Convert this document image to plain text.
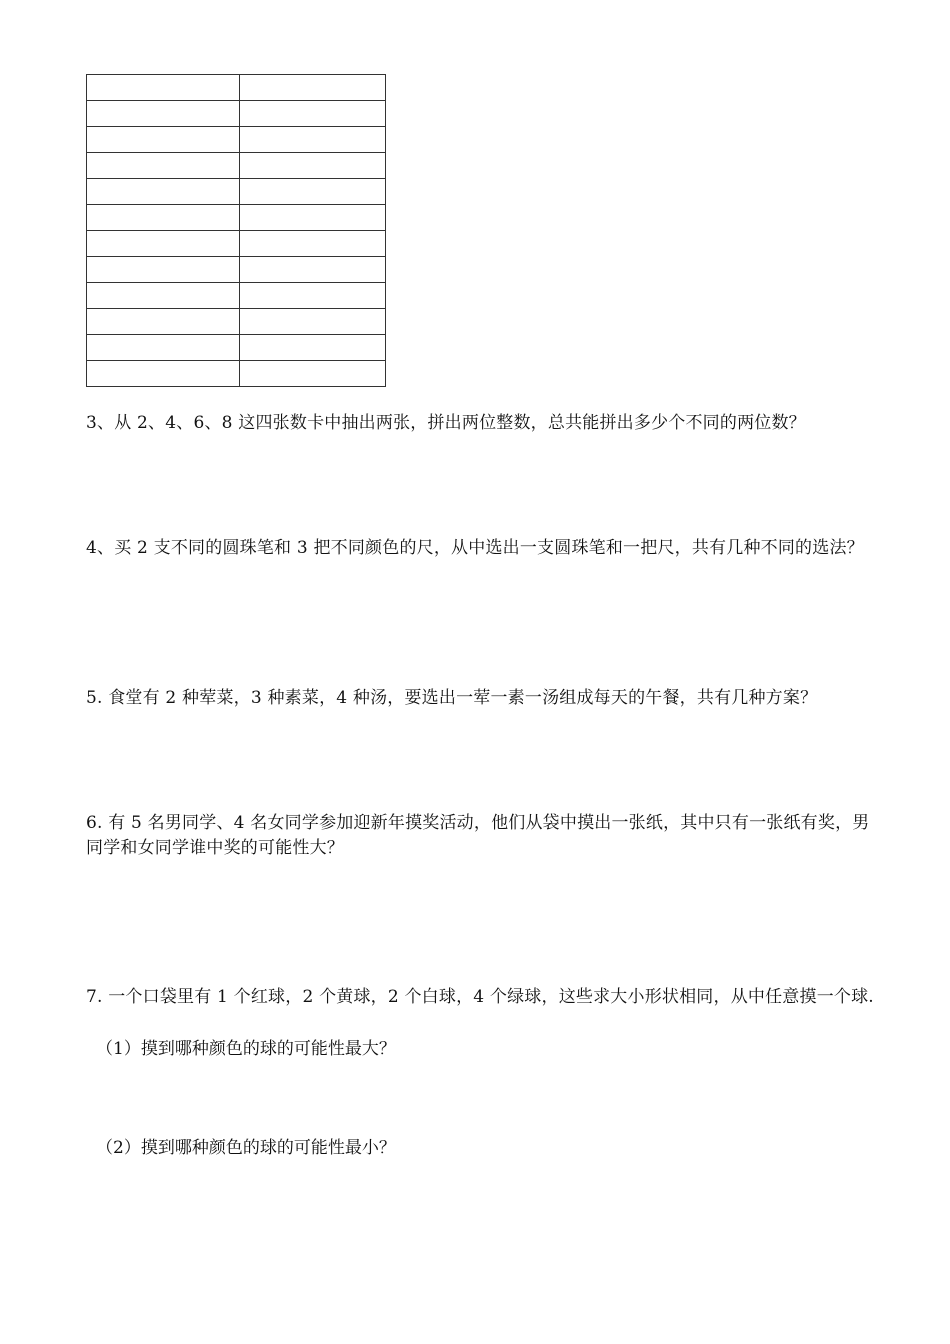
3、从 2、4、6、8 这四张数卡中抽出两张，拼出两位整数，总共能拼出多少个不同的两位数？

4、买 2 支不同的圆珠笔和 3 把不同颜色的尺，从中选出一支圆珠笔和一把尺，共有几种不同的选法？

5. 食堂有 2 种荤菜，3 种素菜，4 种汤，要选出一荤一素一汤组成每天的午餐，共有几种方案？

6. 有 5 名男同学、4 名女同学参加迎新年摸奖活动，他们从袋中摸出一张纸，其中只有一张纸有奖，男同学和女同学谁中奖的可能性大？

7. 一个口袋里有 1 个红球，2 个黄球，2 个白球，4 个绿球，这些求大小形状相同，从中任意摸一个球.

（1）摸到哪种颜色的球的可能性最大？

（2）摸到哪种颜色的球的可能性最小？
